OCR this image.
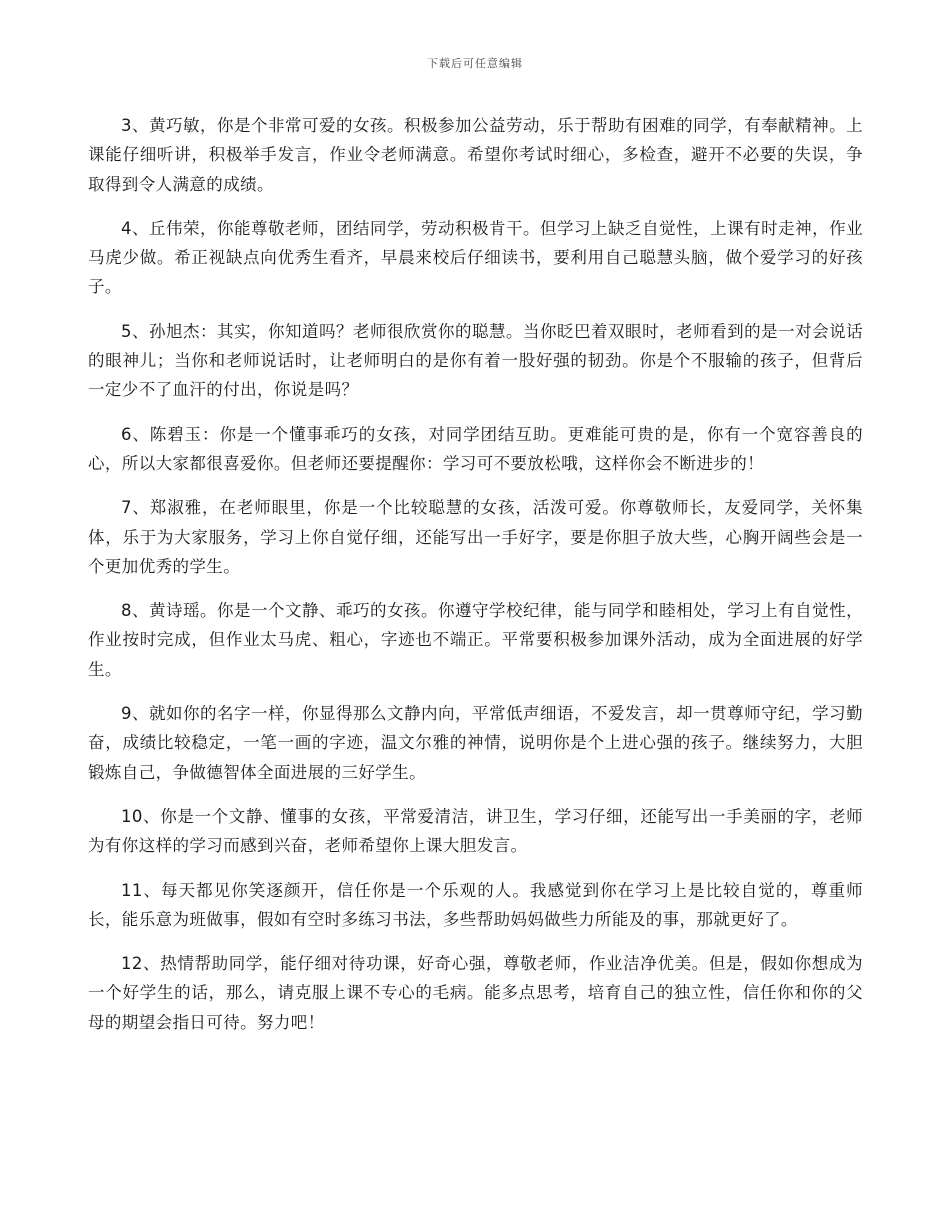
下载后可任意编辑

3、黄巧敏，你是个非常可爱的女孩。积极参加公益劳动，乐于帮助有困难的同学，有奉献精神。上课能仔细听讲，积极举手发言，作业令老师满意。希望你考试时细心，多检查，避开不必要的失误，争取得到令人满意的成绩。

4、丘伟荣，你能尊敬老师，团结同学，劳动积极肯干。但学习上缺乏自觉性，上课有时走神，作业马虎少做。希正视缺点向优秀生看齐，早晨来校后仔细读书，要利用自己聪慧头脑，做个爱学习的好孩子。

5、孙旭杰：其实，你知道吗？老师很欣赏你的聪慧。当你眨巴着双眼时，老师看到的是一对会说话的眼神儿；当你和老师说话时，让老师明白的是你有着一股好强的韧劲。你是个不服输的孩子，但背后一定少不了血汗的付出，你说是吗？

6、陈碧玉：你是一个懂事乖巧的女孩，对同学团结互助。更难能可贵的是，你有一个宽容善良的心，所以大家都很喜爱你。但老师还要提醒你：学习可不要放松哦，这样你会不断进步的！

7、郑淑雅，在老师眼里，你是一个比较聪慧的女孩，活泼可爱。你尊敬师长，友爱同学，关怀集体，乐于为大家服务，学习上你自觉仔细，还能写出一手好字，要是你胆子放大些，心胸开阔些会是一个更加优秀的学生。

8、黄诗瑶。你是一个文静、乖巧的女孩。你遵守学校纪律，能与同学和睦相处，学习上有自觉性，作业按时完成，但作业太马虎、粗心，字迹也不端正。平常要积极参加课外活动，成为全面进展的好学生。

9、就如你的名字一样，你显得那么文静内向，平常低声细语，不爱发言，却一贯尊师守纪，学习勤奋，成绩比较稳定，一笔一画的字迹，温文尔雅的神情，说明你是个上进心强的孩子。继续努力，大胆锻炼自己，争做德智体全面进展的三好学生。

10、你是一个文静、懂事的女孩，平常爱清洁，讲卫生，学习仔细，还能写出一手美丽的字，老师为有你这样的学习而感到兴奋，老师希望你上课大胆发言。

11、每天都见你笑逐颜开，信任你是一个乐观的人。我感觉到你在学习上是比较自觉的，尊重师长，能乐意为班做事，假如有空时多练习书法，多些帮助妈妈做些力所能及的事，那就更好了。

12、热情帮助同学，能仔细对待功课，好奇心强，尊敬老师，作业洁净优美。但是，假如你想成为一个好学生的话，那么，请克服上课不专心的毛病。能多点思考，培育自己的独立性，信任你和你的父母的期望会指日可待。努力吧！
